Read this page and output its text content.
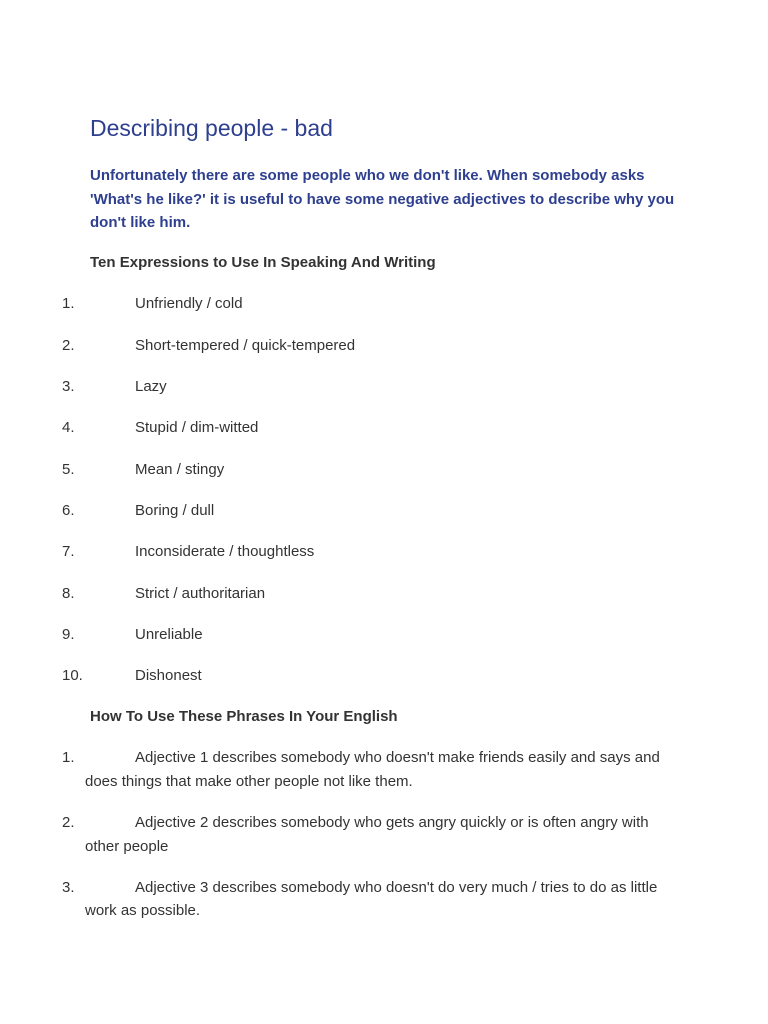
Describing people - bad

Unfortunately there are some people who we don't like. When somebody asks 'What's he like?' it is useful to have some negative adjectives to describe why you don't like him.

Ten Expressions to Use In Speaking And Writing
1.	Unfriendly / cold
2.	Short-tempered / quick-tempered
3.	Lazy
4.	Stupid / dim-witted
5.	Mean / stingy
6.	Boring / dull
7.	Inconsiderate / thoughtless
8.	Strict / authoritarian
9.	Unreliable
10.	Dishonest
How To Use These Phrases In Your English
1.	Adjective 1 describes somebody who doesn't make friends easily and says and does things that make other people not like them.

2.	Adjective 2 describes somebody who gets angry quickly or is often angry with other people

3.	Adjective 3 describes somebody who doesn't do very much / tries to do as little work as possible.
